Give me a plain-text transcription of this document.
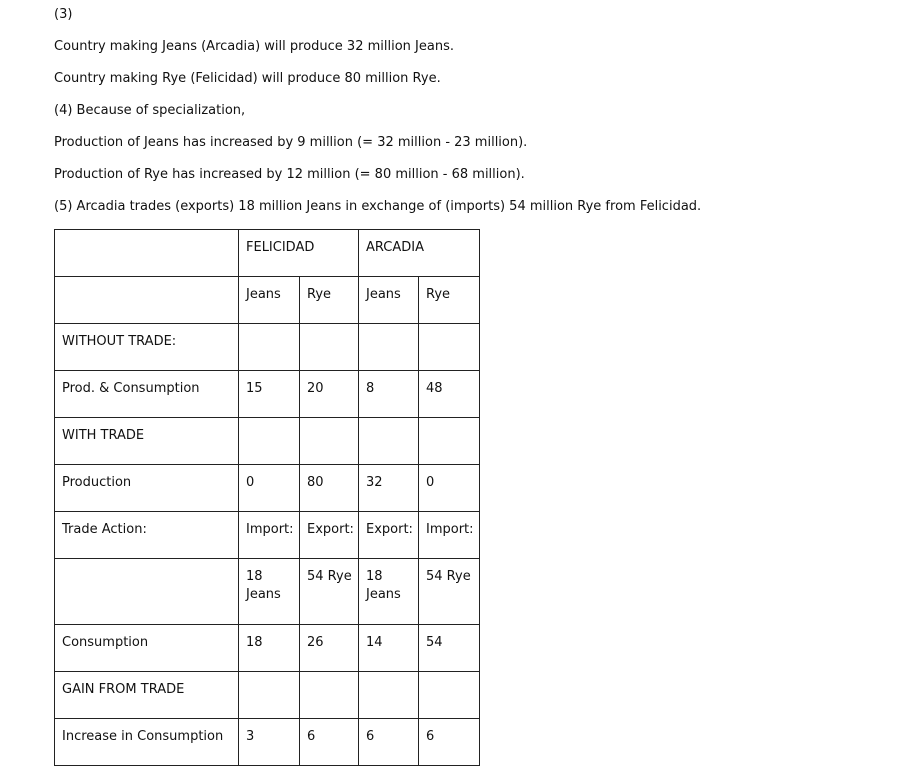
(3)
Country making Jeans (Arcadia) will produce 32 million Jeans.
Country making Rye (Felicidad) will produce 80 million Rye.
(4) Because of specialization,
Production of Jeans has increased by 9 million (= 32 million - 23 million).
Production of Rye has increased by 12 million (= 80 million - 68 million).
(5) Arcadia trades (exports) 18 million Jeans in exchange of (imports) 54 million Rye from Felicidad.
	FELICIDAD		ARCADIA	
	Jeans	Rye	Jeans	Rye
WITHOUT TRADE:				
Prod. & Consumption	15	20	8	48
WITH TRADE				
Production	0	80	32	0
Trade Action:	Import:	Export:	Export:	Import:
	18 Jeans	54 Rye	18 Jeans	54 Rye
Consumption	18	26	14	54
GAIN FROM TRADE				
Increase in Consumption	3	6	6	6
